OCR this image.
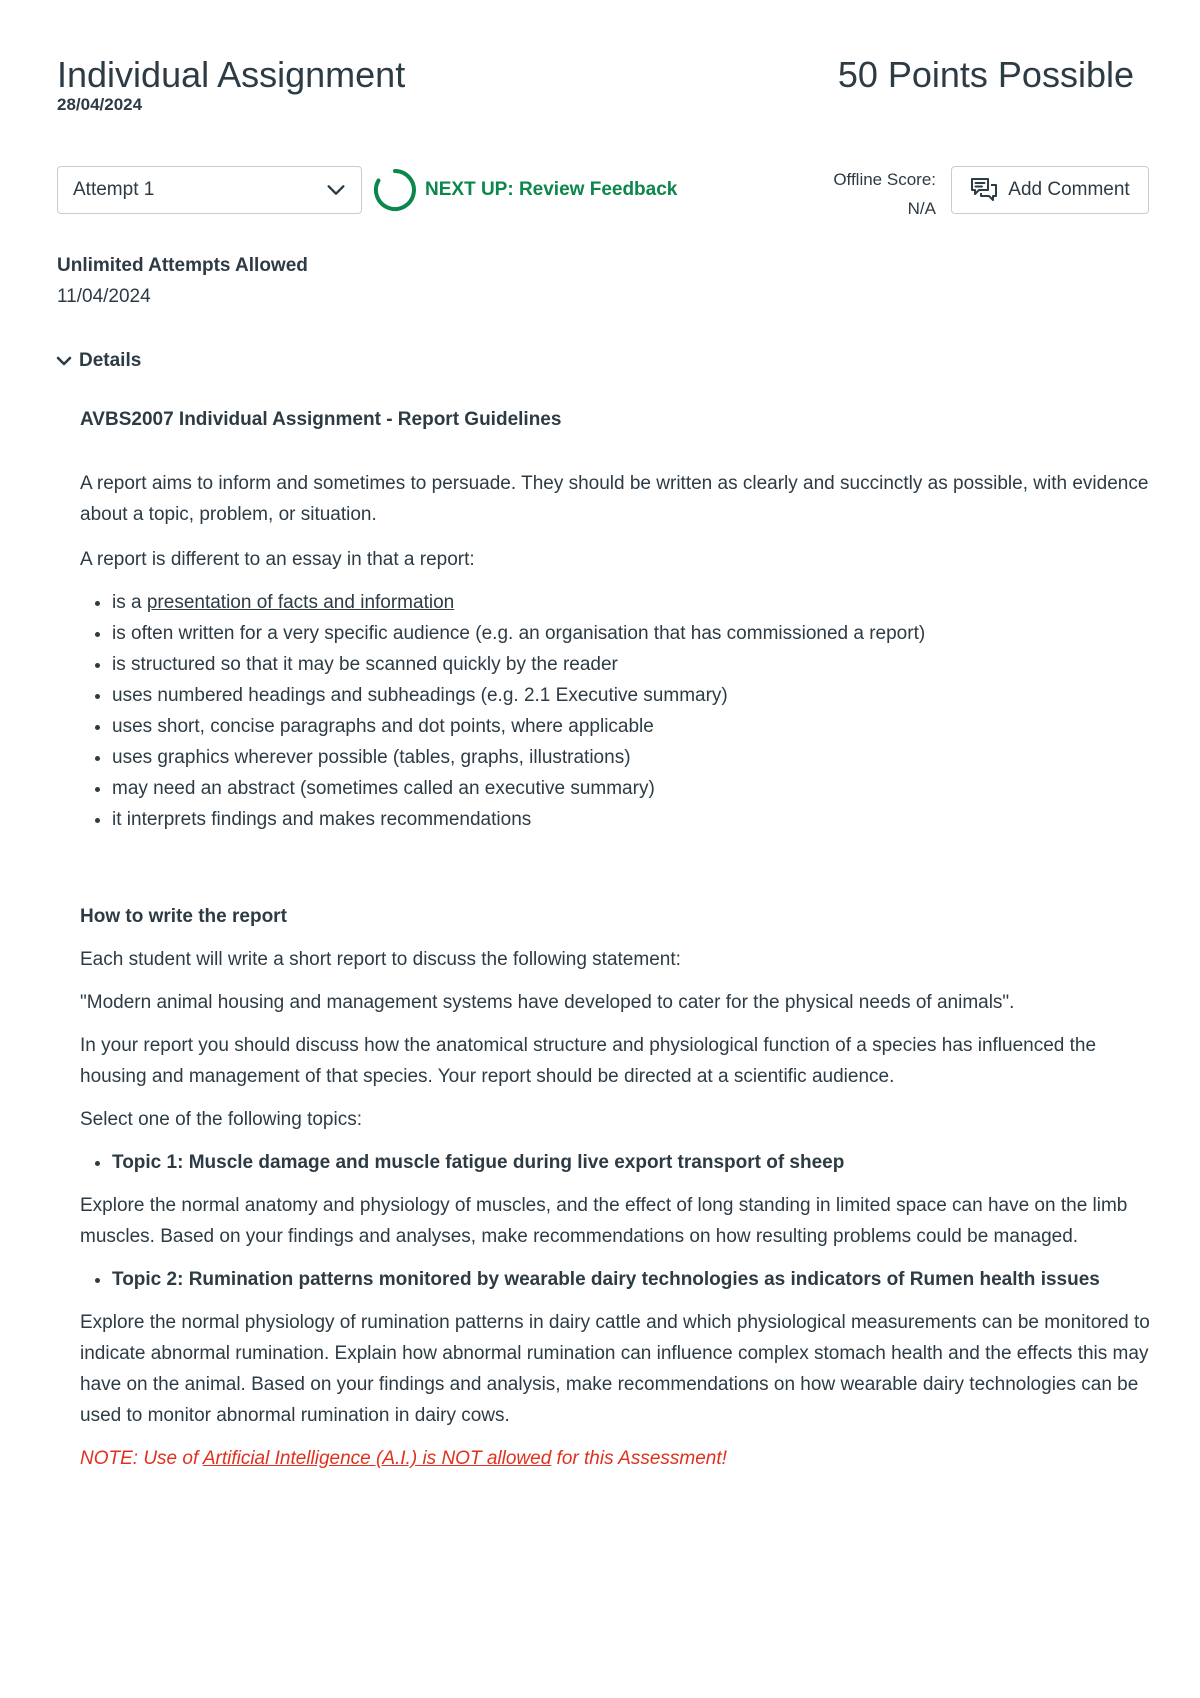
Individual Assignment
28/04/2024
50 Points Possible
Attempt 1	NEXT UP: Review Feedback	Offline Score:
N/A
Add Comment
Unlimited Attempts Allowed
11/04/2024
Details

AVBS2007 Individual Assignment - Report Guidelines

A report aims to inform and sometimes to persuade. They should be written as clearly and succinctly as possible, with evidence about a topic, problem, or situation.

A report is different to an essay in that a report:

• is a presentation of facts and information
• is often written for a very specific audience (e.g. an organisation that has commissioned a report)
• is structured so that it may be scanned quickly by the reader
• uses numbered headings and subheadings (e.g. 2.1 Executive summary)
• uses short, concise paragraphs and dot points, where applicable
• uses graphics wherever possible (tables, graphs, illustrations)
• may need an abstract (sometimes called an executive summary)
• it interprets findings and makes recommendations

How to write the report

Each student will write a short report to discuss the following statement:

"Modern animal housing and management systems have developed to cater for the physical needs of animals".

In your report you should discuss how the anatomical structure and physiological function of a species has influenced the housing and management of that species. Your report should be directed at a scientific audience.

Select one of the following topics:

• Topic 1: Muscle damage and muscle fatigue during live export transport of sheep

Explore the normal anatomy and physiology of muscles, and the effect of long standing in limited space can have on the limb muscles. Based on your findings and analyses, make recommendations on how resulting problems could be managed.

• Topic 2: Rumination patterns monitored by wearable dairy technologies as indicators of Rumen health issues

Explore the normal physiology of rumination patterns in dairy cattle and which physiological measurements can be monitored to indicate abnormal rumination. Explain how abnormal rumination can influence complex stomach health and the effects this may have on the animal. Based on your findings and analysis, make recommendations on how wearable dairy technologies can be used to monitor abnormal rumination in dairy cows.

NOTE: Use of Artificial Intelligence (A.I.) is NOT allowed for this Assessment!
